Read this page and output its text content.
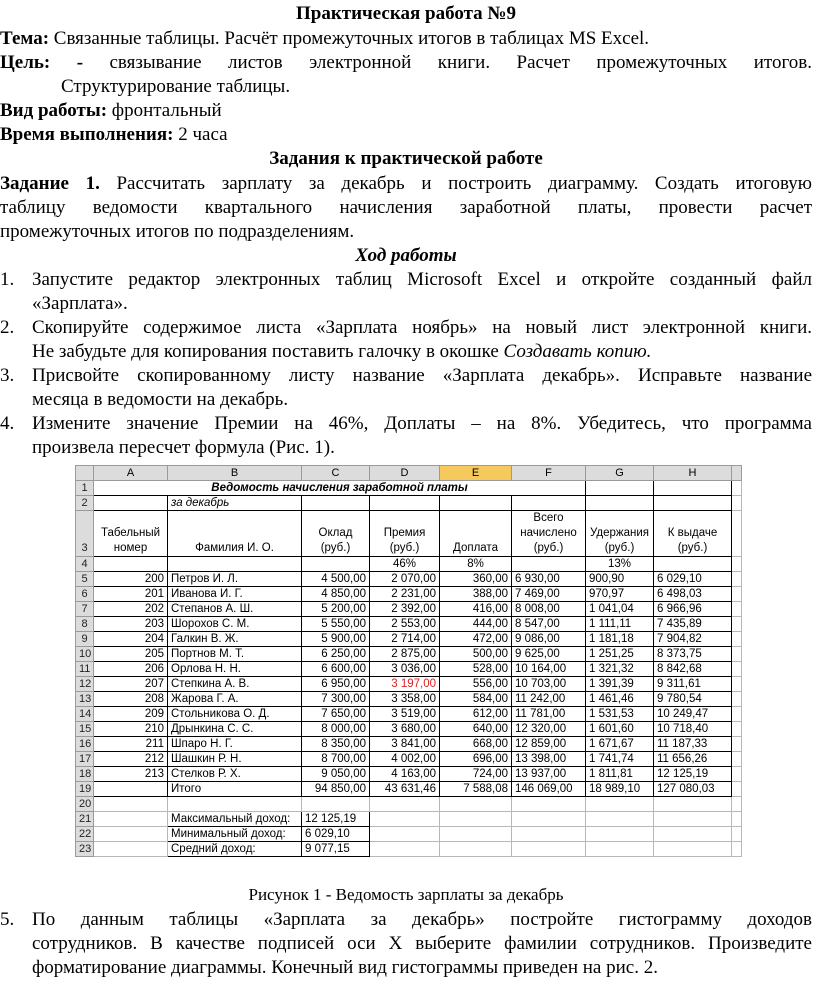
Практическая работа №9

Тема: Связанные таблицы. Расчёт промежуточных итогов в таблицах MS Excel.

Цель: - связывание листов электронной книги. Расчет промежуточных итогов.

Структурирование таблицы.

Вид работы: фронтальный

Время выполнения: 2 часа

Задания к практической работе

Задание 1. Рассчитать зарплату за декабрь и построить диаграмму. Создать итоговую

таблицу ведомости квартального начисления заработной платы, провести расчет

промежуточных итогов по подразделениям.

Ход работы

1. Запустите редактор электронных таблиц Microsoft Excel и откройте созданный файл

«Зарплата».

2. Скопируйте содержимое листа «Зарплата ноябрь» на новый лист электронной книги.

Не забудьте для копирования поставить галочку в окошке Создавать копию.

3. Присвойте скопированному листу название «Зарплата декабрь». Исправьте название

месяца в ведомости на декабрь.

4. Измените значение Премии на 46%, Доплаты – на 8%. Убедитесь, что программа

произвела пересчет формула (Рис. 1).

	A	B	C	D	E	F	G	H	
1	Ведомость начисления заработной платы								
2		за декабрь							
3	Табельный номер	Фамилия И. О.	Оклад (руб.)	Премия (руб.)	Доплата	Всего начислено (руб.)	Удержания (руб.)	К выдаче (руб.)	
4				46%	8%		13%		
5	200	Петров И. Л.	4 500,00	2 070,00	360,00	6 930,00	900,90	6 029,10	
6	201	Иванова И. Г.	4 850,00	2 231,00	388,00	7 469,00	970,97	6 498,03	
7	202	Степанов А. Ш.	5 200,00	2 392,00	416,00	8 008,00	1 041,04	6 966,96	
8	203	Шорохов С. М.	5 550,00	2 553,00	444,00	8 547,00	1 111,11	7 435,89	
9	204	Галкин В. Ж.	5 900,00	2 714,00	472,00	9 086,00	1 181,18	7 904,82	
10	205	Портнов М. Т.	6 250,00	2 875,00	500,00	9 625,00	1 251,25	8 373,75	
11	206	Орлова Н. Н.	6 600,00	3 036,00	528,00	10 164,00	1 321,32	8 842,68	
12	207	Степкина А. В.	6 950,00	3 197,00	556,00	10 703,00	1 391,39	9 311,61	
13	208	Жарова Г. А.	7 300,00	3 358,00	584,00	11 242,00	1 461,46	9 780,54	
14	209	Стольникова О. Д.	7 650,00	3 519,00	612,00	11 781,00	1 531,53	10 249,47	
15	210	Дрынкина С. С.	8 000,00	3 680,00	640,00	12 320,00	1 601,60	10 718,40	
16	211	Шпаро Н. Г.	8 350,00	3 841,00	668,00	12 859,00	1 671,67	11 187,33	
17	212	Шашкин Р. Н.	8 700,00	4 002,00	696,00	13 398,00	1 741,74	11 656,26	
18	213	Стелков Р. Х.	9 050,00	4 163,00	724,00	13 937,00	1 811,81	12 125,19	
19		Итого	94 850,00	43 631,46	7 588,08	146 069,00	18 989,10	127 080,03	
20									
21		Максимальный доход:	12 125,19						
22		Минимальный доход:	6 029,10						
23		Средний доход:	9 077,15						

Рисунок 1 - Ведомость зарплаты за декабрь

5. По данным таблицы «Зарплата за декабрь» постройте гистограмму доходов

сотрудников. В качестве подписей оси X выберите фамилии сотрудников. Произведите

форматирование диаграммы. Конечный вид гистограммы приведен на рис. 2.
